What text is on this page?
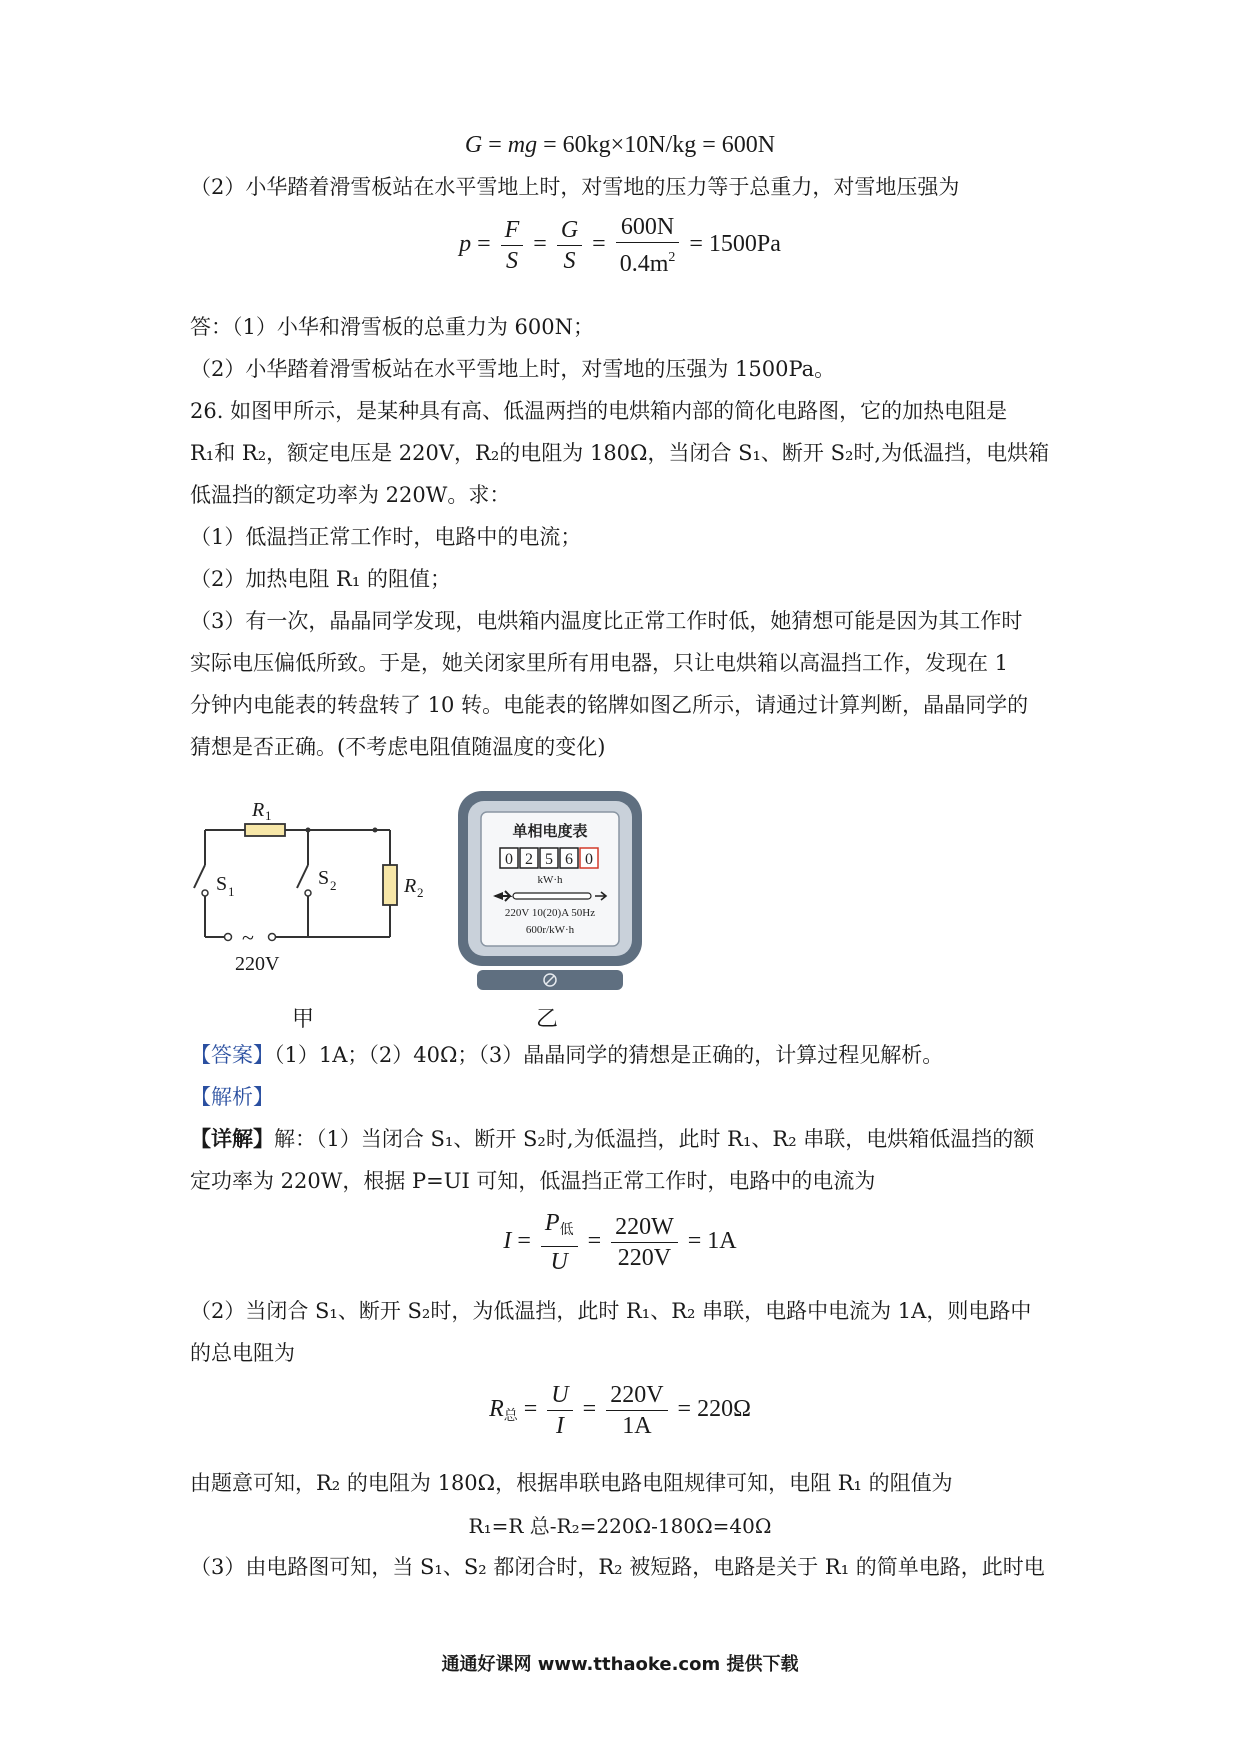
G = mg = 60kg×10N/kg = 600N
（2）小华踏着滑雪板站在水平雪地上时，对雪地的压力等于总重力，对雪地压强为
$p = \frac{F}{S} = \frac{G}{S} = \frac{600N}{0.4m^2} = 1500Pa$
答：（1）小华和滑雪板的总重力为 600N；
（2）小华踏着滑雪板站在水平雪地上时，对雪地的压强为 1500Pa。
26. 如图甲所示，是某种具有高、低温两挡的电烘箱内部的简化电路图，它的加热电阻是
R₁和 R₂，额定电压是 220V，R₂的电阻为 180Ω，当闭合 S₁、断开 S₂时,为低温挡，电烘箱
低温挡的额定功率为 220W。求：
（1）低温挡正常工作时，电路中的电流；
（2）加热电阻 R₁ 的阻值；
（3）有一次，晶晶同学发现，电烘箱内温度比正常工作时低，她猜想可能是因为其工作时
实际电压偏低所致。于是，她关闭家里所有用电器，只让电烘箱以高温挡工作，发现在 1
分钟内电能表的转盘转了 10 转。电能表的铭牌如图乙所示，请通过计算判断，晶晶同学的
猜想是否正确。(不考虑电阻值随温度的变化)
R 1
R 2
S 1
S 2
~
220V
甲
单相电度表
0 2 5 6 0
kW·h
220V 10(20)A 50Hz
600r/kW·h
乙
【答案】（1）1A；（2）40Ω；（3）晶晶同学的猜想是正确的，计算过程见解析。
【解析】
【详解】解：（1）当闭合 S₁、断开 S₂时,为低温挡，此时 R₁、R₂ 串联，电烘箱低温挡的额
定功率为 220W，根据 P=UI 可知，低温挡正常工作时，电路中的电流为
$I = \frac{P_低}{U} = \frac{220W}{220V} = 1A$
（2）当闭合 S₁、断开 S₂时，为低温挡，此时 R₁、R₂ 串联，电路中电流为 1A，则电路中
的总电阻为
$R_总 = \frac{U}{I} = \frac{220V}{1A} = 220\Omega$
由题意可知，R₂ 的电阻为 180Ω，根据串联电路电阻规律可知，电阻 R₁ 的阻值为
R₁=R 总-R₂=220Ω-180Ω=40Ω
（3）由电路图可知，当 S₁、S₂ 都闭合时，R₂ 被短路，电路是关于 R₁ 的简单电路，此时电
通通好课网 www.tthaoke.com 提供下载
